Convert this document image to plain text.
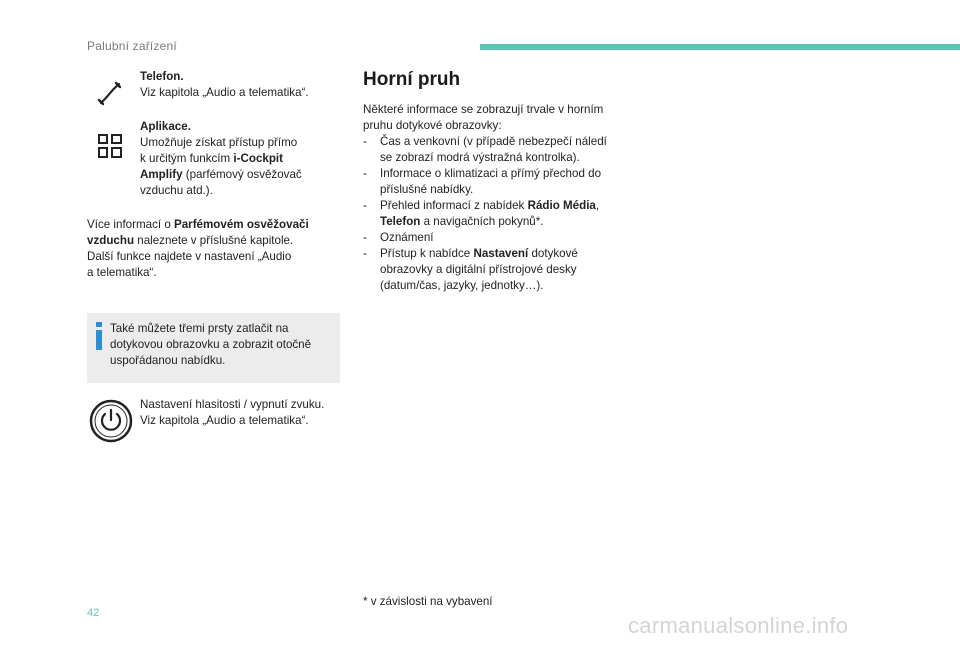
Palubní zařízení
Telefon.
Viz kapitola „Audio a telematika“.
Aplikace.
Umožňuje získat přístup přímo
k určitým funkcím i-Cockpit
Amplify (parfémový osvěžovač
vzduchu atd.).
Více informací o Parfémovém osvěžovači
vzduchu naleznete v příslušné kapitole.
Další funkce najdete v nastavení „Audio
a telematika“.
Také můžete třemi prsty zatlačit na
dotykovou obrazovku a zobrazit otočně
uspořádanou nabídku.
Nastavení hlasitosti / vypnutí zvuku.
Viz kapitola „Audio a telematika“.
Horní pruh
Některé informace se zobrazují trvale v horním
pruhu dotykové obrazovky:
- Čas a venkovní (v případě nebezpečí náledí
se zobrazí modrá výstražná kontrolka).
- Informace o klimatizaci a přímý přechod do
příslušné nabídky.
- Přehled informací z nabídek Rádio Média,
Telefon a navigačních pokynů*.
- Oznámení
- Přístup k nabídce Nastavení dotykové
obrazovky a digitální přístrojové desky
(datum/čas, jazyky, jednotky…).
* v závislosti na vybavení
42	carmanualsonline.info
